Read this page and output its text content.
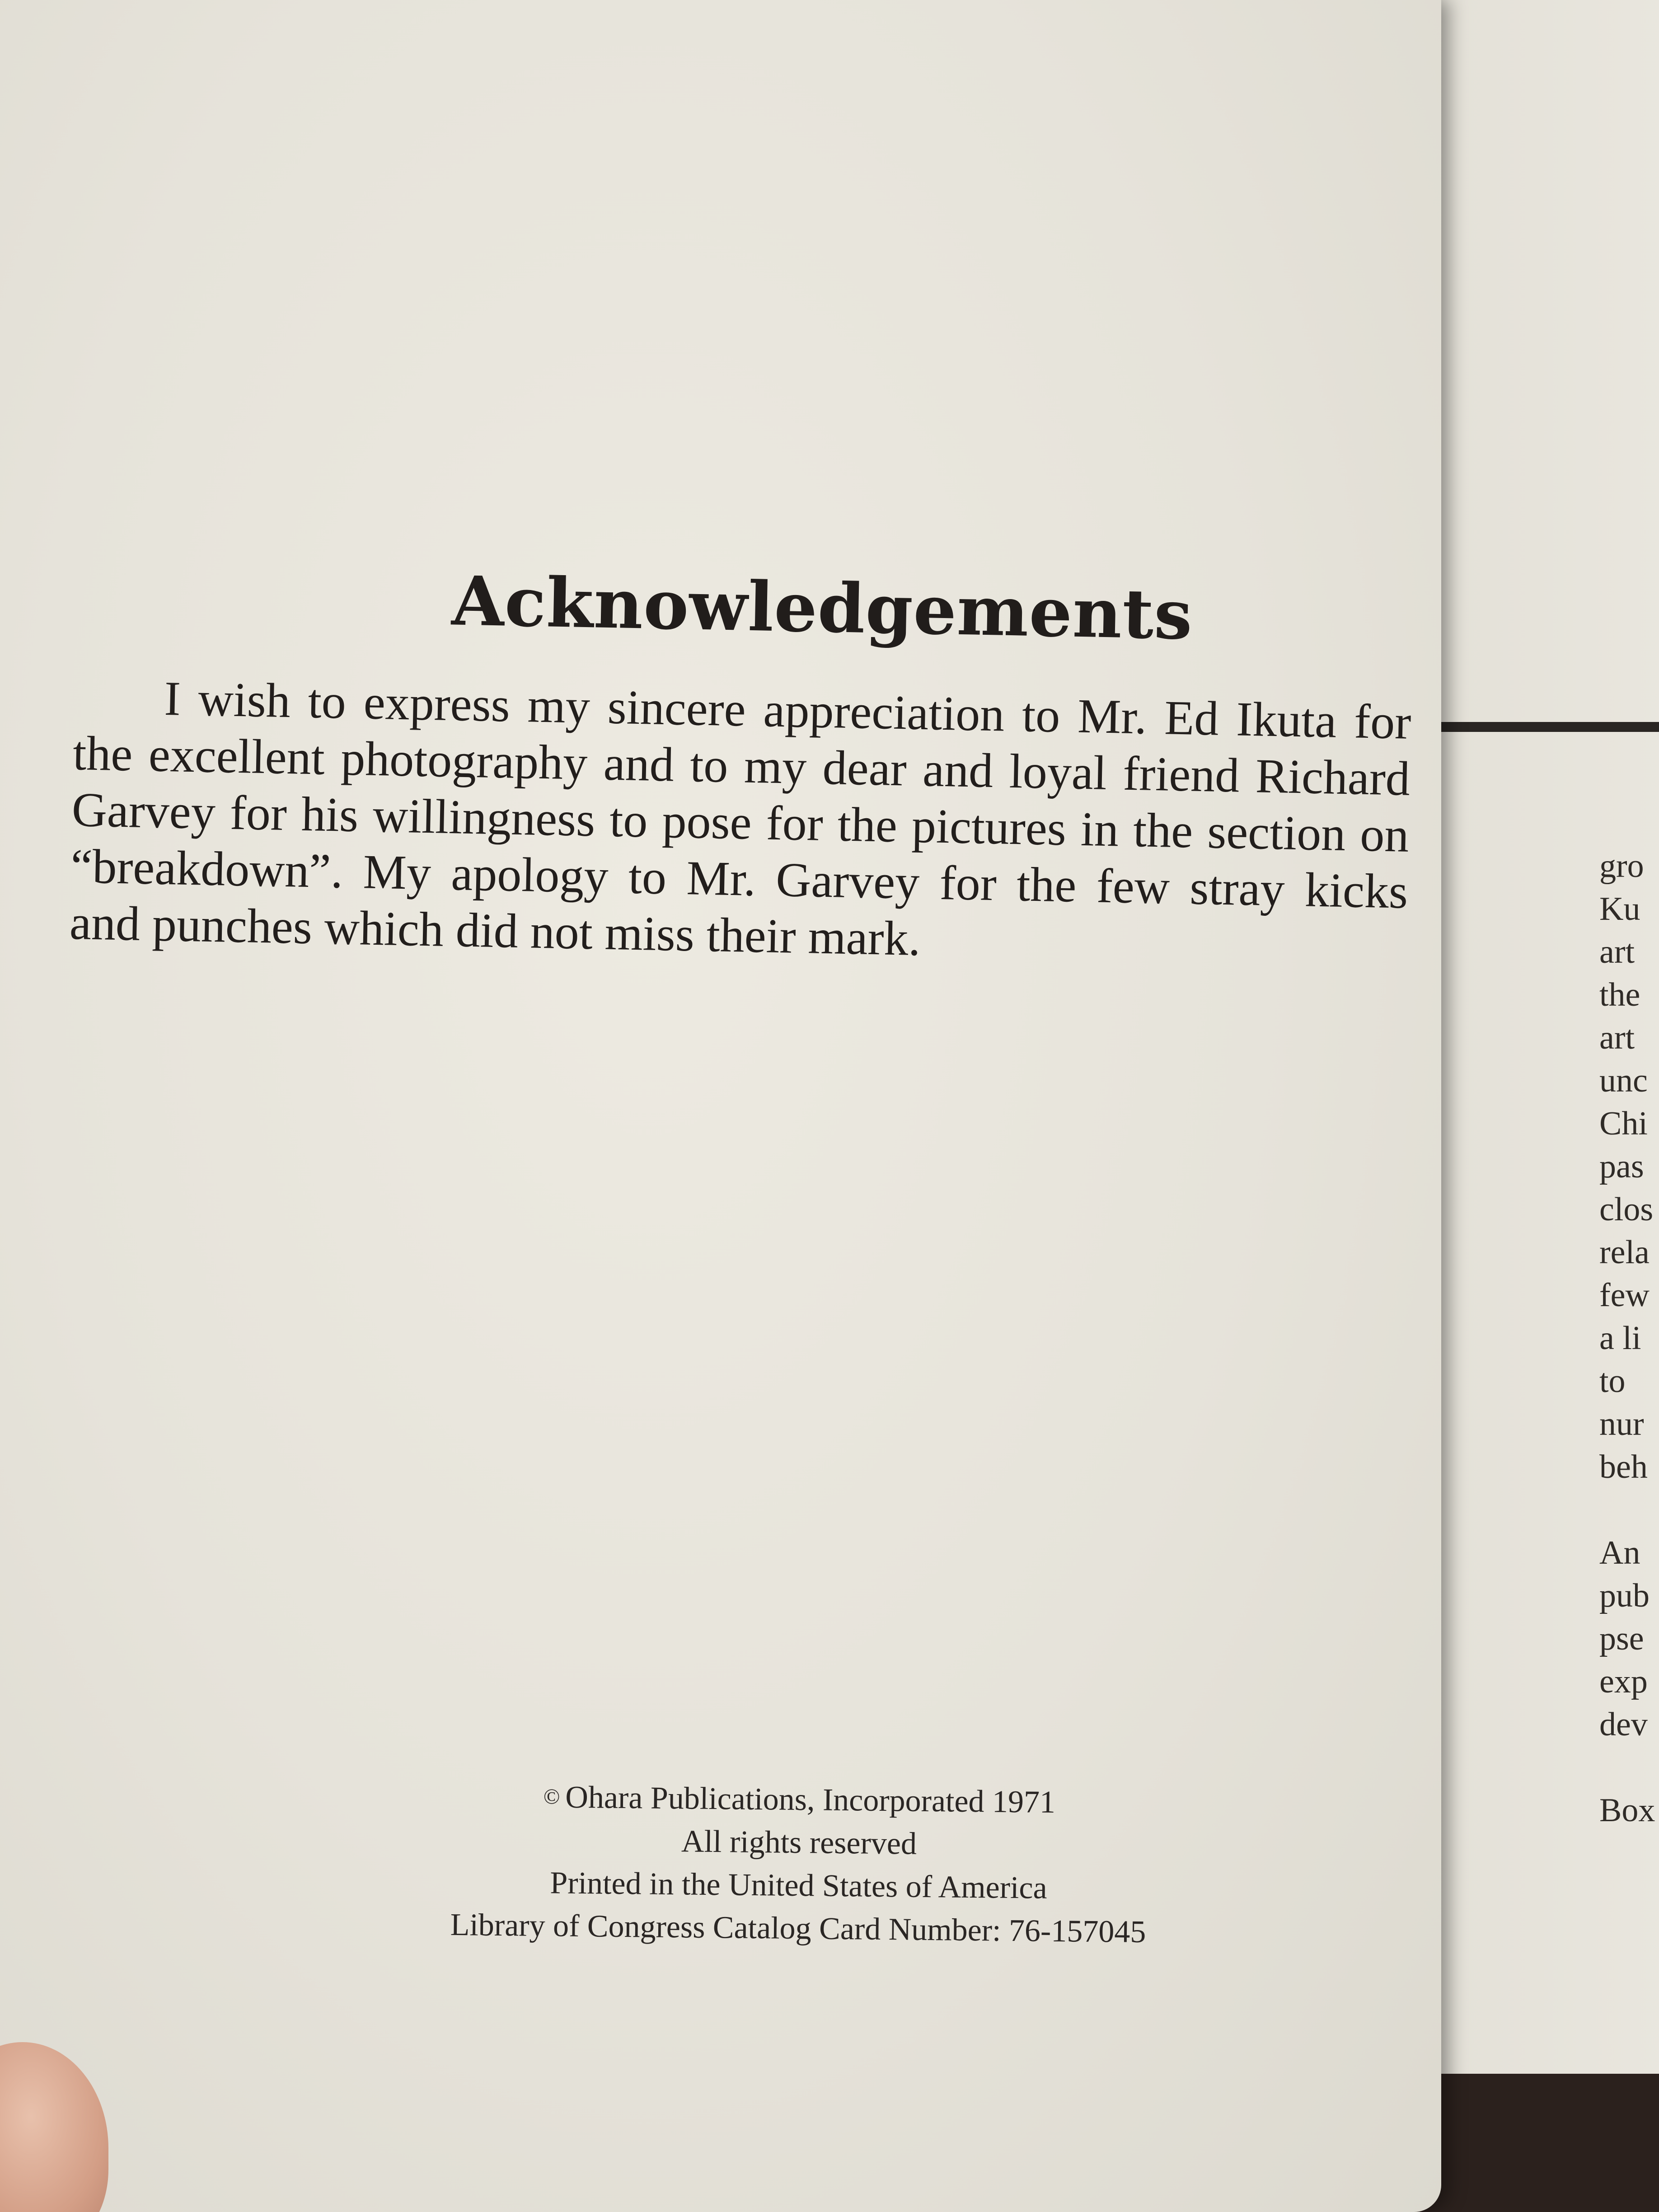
gro
Ku
art
the
art
unc
Chi
pas
clos
rela
few
a li
to
nur
beh
An
pub
pse
exp
dev
Box
Acknowledgements

I wish to express my sincere appreciation to Mr. Ed Ikuta for the excellent photography and to my dear and loyal friend Richard Garvey for his willingness to pose for the pictures in the section on “breakdown”. My apology to Mr. Garvey for the few stray kicks and punches which did not miss their mark.

© Ohara Publications, Incorporated 1971
All rights reserved
Printed in the United States of America
Library of Congress Catalog Card Number: 76-157045
